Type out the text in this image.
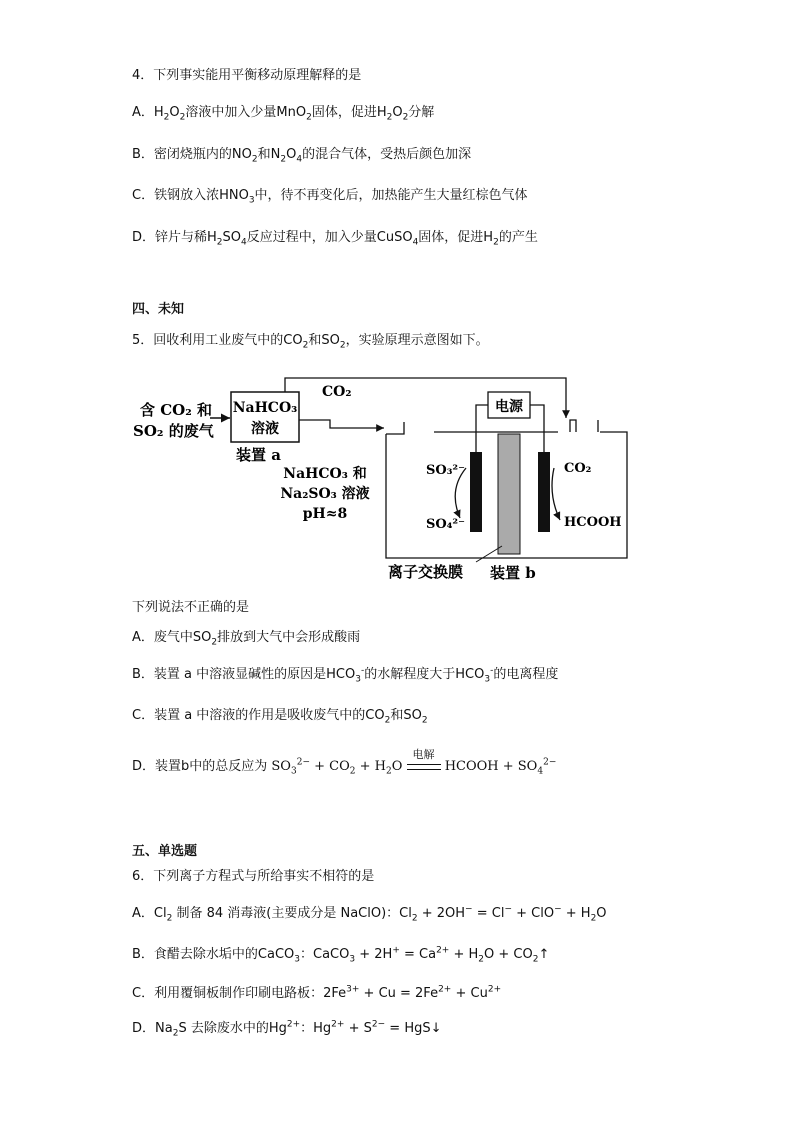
4．下列事实能用平衡移动原理解释的是
A．$H_2O_2$溶液中加入少量MnO$_2$固体，促进$H_2O_2$分解
B．密闭烧瓶内的$NO_2$和$N_2O_4$的混合气体，受热后颜色加深
C．铁钢放入浓$HNO_3$中，待不再变化后，加热能产生大量红棕色气体
D．锌片与稀$H_2SO_4$反应过程中，加入少量CuSO$_4$固体，促进$H_2$的产生
四、未知
5．回收利用工业废气中的$CO_2$和$SO_2$，实验原理示意图如下。
含 CO₂ 和
SO₂ 的废气
NaHCO₃
溶液
装置 a
CO₂
NaHCO₃ 和
Na₂SO₃ 溶液
pH≈8
电源
SO₃²⁻
SO₄²⁻
CO₂
HCOOH
离子交换膜 装置 b
下列说法不正确的是
A．废气中$SO_2$排放到大气中会形成酸雨
B．装置 a 中溶液显碱性的原因是$HCO_3^-$的水解程度大于$HCO_3^-$的电离程度
C．装置 a 中溶液的作用是吸收废气中的$CO_2$和$SO_2$
D．装置b中的总反应为 $SO_3^{2-} + CO_2 + H_2O$
电解
HCOOH + $SO_4^{2-}$
五、单选题
6．下列离子方程式与所给事实不相符的是
A．$Cl_2$ 制备 84 消毒液(主要成分是 NaClO)：$Cl_2 + 2OH^- = Cl^- + ClO^- + H_2O$
B．食醋去除水垢中的CaCO$_3$：CaCO$_3$ + $2H^+ = Ca^{2+} + H_2O$ + $CO_2↑$
C．利用覆铜板制作印刷电路板：$2Fe^{3+} + Cu = 2Fe^{2+} + Cu^{2+}$
D．$Na_2S$ 去除废水中的$Hg^{2+}$：$Hg^{2+} + S^{2-}$ = HgS↓
